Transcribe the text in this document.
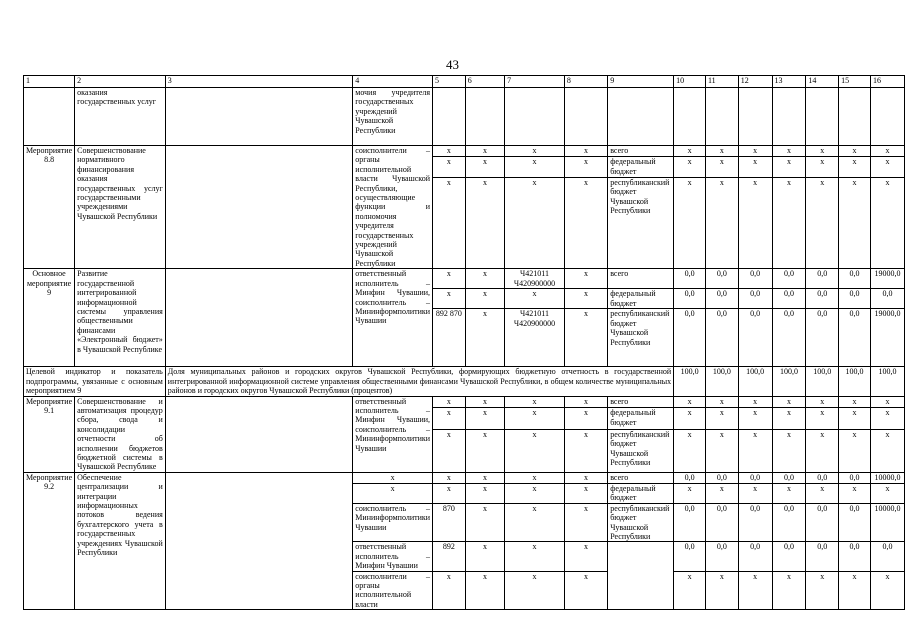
43
1	2	3	4	5	6	7	8	9	10	11	12	13	14	15	16
	оказания государственных услуг		мочия учредителя государственных учреждений Чувашской Республики												
Мероприятие 8.8	Совершенствование нормативного финансирования оказания государственных услуг государственными учреждениями Чувашской Республики		соисполнители – органы исполнительной власти Чувашской Республики, осуществляющие функции и полномочия учредителя государственных учреждений Чувашской Республики	x	x	x	x	всего	x	x	x	x	x	x	x
				x	x	x	x	федеральный бюджет	x	x	x	x	x	x	x
				x	x	x	x	республиканский бюджет Чувашской Республики	x	x	x	x	x	x	x
Основное мероприятие 9	Развитие государственной интегрированной информационной системы управления общественными финансами «Электронный бюджет» в Чувашской Республике		ответственный исполнитель – Минфин Чувашии, соисполнитель – Мининформполитики Чувашии	x	x	Ч421011 Ч420900000	x	всего	0,0	0,0	0,0	0,0	0,0	0,0	19000,0
				x	x	x	x	федеральный бюджет	0,0	0,0	0,0	0,0	0,0	0,0	0,0
				892 870	x	Ч421011 Ч420900000	x	республиканский бюджет Чувашской Республики	0,0	0,0	0,0	0,0	0,0	0,0	19000,0
Целевой индикатор и показатель подпрограммы, увязанные с основным мероприятием 9		Доля муниципальных районов и городских округов Чувашской Республики, формирующих бюджетную отчетность в государственной интегрированной информационной системе управления общественными финансами Чувашской Республики, в общем количестве муниципальных районов и городских округов Чувашской Республики (процентов)							100,0	100,0	100,0	100,0	100,0	100,0	100,0
Мероприятие 9.1	Совершенствование и автоматизация процедур сбора, свода и консолидации отчетности об исполнении бюджетов бюджетной системы в Чувашской Республике		ответственный исполнитель – Минфин Чувашии, соисполнитель – Мининформполитики Чувашии	x	x	x	x	всего	x	x	x	x	x	x	x
				x	x	x	x	федеральный бюджет	x	x	x	x	x	x	x
				x	x	x	x	республиканский бюджет Чувашской Республики	x	x	x	x	x	x	x
Мероприятие 9.2	Обеспечение централизации и интеграции информационных потоков ведения бухгалтерского учета в государственных учреждениях Чувашской Республики		x	x	x	x	x	всего	0,0	0,0	0,0	0,0	0,0	0,0	10000,0
			x	x	x	x	x	федеральный бюджет	x	x	x	x	x	x	x
			соисполнитель – Мининформполитики Чувашии	870	x	x	x	республиканский бюджет Чувашской Республики	0,0	0,0	0,0	0,0	0,0	0,0	10000,0
			ответственный исполнитель – Минфин Чувашии	892	x	x	x		0,0	0,0	0,0	0,0	0,0	0,0	0,0
			соисполнители – органы исполнительной власти	x	x	x	x		x	x	x	x	x	x	x
